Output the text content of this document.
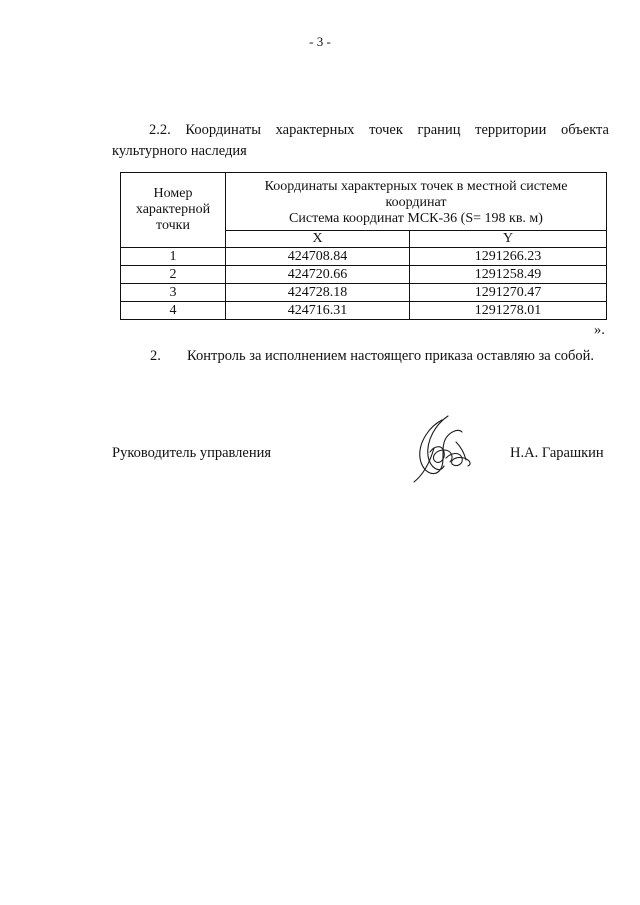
- 3 -
2.2. Координаты характерных точек границ территории объекта культурного наследия
Номер характерной точки	Координаты характерных точек в местной системе
координат
Система координат МСК-36 (S= 198 кв. м)	

	X	Y
1	424708.84	1291266.23
2	424720.66	1291258.49
3	424728.18	1291270.47
4	424716.31	1291278.01
».
2. Контроль за исполнением настоящего приказа оставляю за собой.
Руководитель управления	Н.А. Гарашкин
